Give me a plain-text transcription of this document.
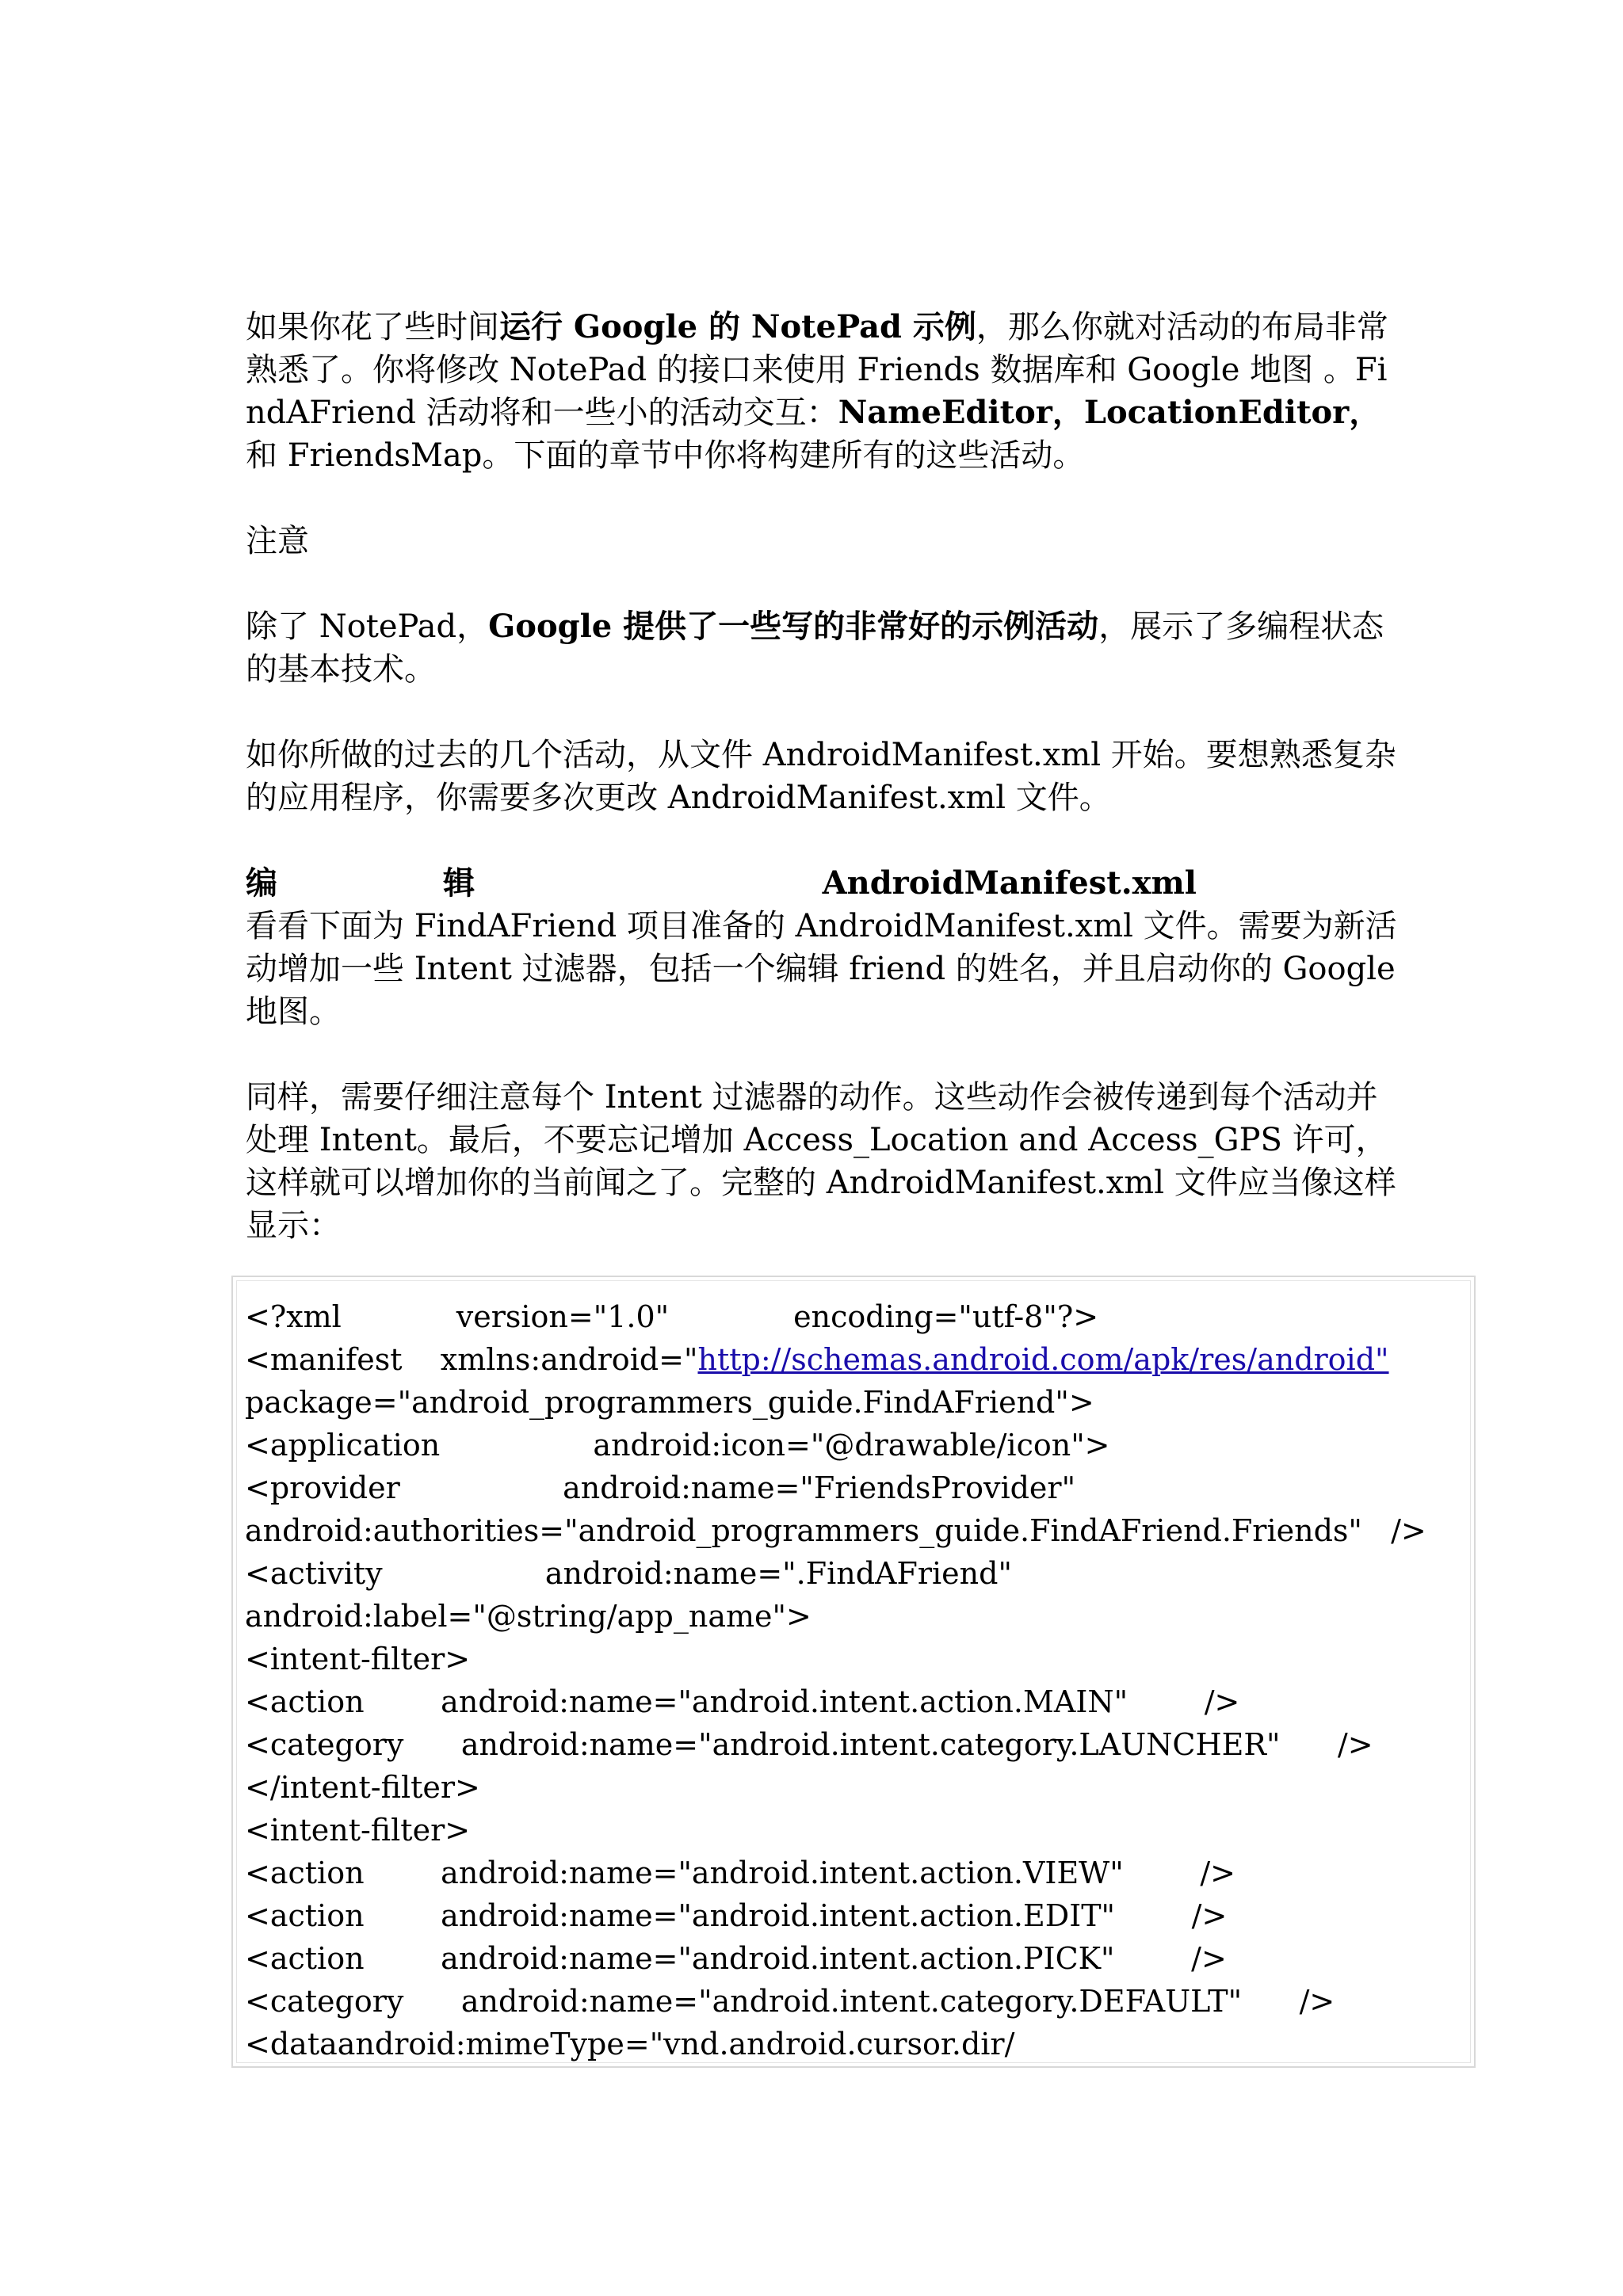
如果你花了些时间运行 Google 的 NotePad 示例，那么你就对活动的布局非常熟悉了。你将修改 NotePad 的接口来使用 Friends 数据库和 Google 地图 。FindAFriend 活动将和一些小的活动交互：NameEditor，LocationEditor，
和 FriendsMap。下面的章节中你将构建所有的这些活动。

注意

除了 NotePad，Google 提供了一些写的非常好的示例活动，展示了多编程状态的基本技术。

如你所做的过去的几个活动，从文件 AndroidManifest.xml 开始。要想熟悉复杂的应用程序，你需要多次更改 AndroidManifest.xml 文件。

编	辑	AndroidManifest.xml

看看下面为 FindAFriend 项目准备的 AndroidManifest.xml 文件。需要为新活动增加一些 Intent 过滤器，包括一个编辑 friend 的姓名，并且启动你的 Google 地图。

同样，需要仔细注意每个 Intent 过滤器的动作。这些动作会被传递到每个活动并处理 Intent。最后，不要忘记增加 Access_Location and Access_GPS 许可，这样就可以增加你的当前闻之了。完整的 AndroidManifest.xml 文件应当像这样显示：

<?xml            version="1.0"             encoding="utf-8"?>
<manifest    xmlns:android="http://schemas.android.com/apk/res/android"
package="android_programmers_guide.FindAFriend">
<application                android:icon="@drawable/icon">
<provider                 android:name="FriendsProvider"
android:authorities="android_programmers_guide.FindAFriend.Friends"   />
<activity                 android:name=".FindAFriend"
android:label="@string/app_name">
<intent-filter>
<action        android:name="android.intent.action.MAIN"        />
<category      android:name="android.intent.category.LAUNCHER"      />
</intent-filter>
<intent-filter>
<action        android:name="android.intent.action.VIEW"        />
<action        android:name="android.intent.action.EDIT"        />
<action        android:name="android.intent.action.PICK"        />
<category      android:name="android.intent.category.DEFAULT"      />
<dataandroid:mimeType="vnd.android.cursor.dir/
